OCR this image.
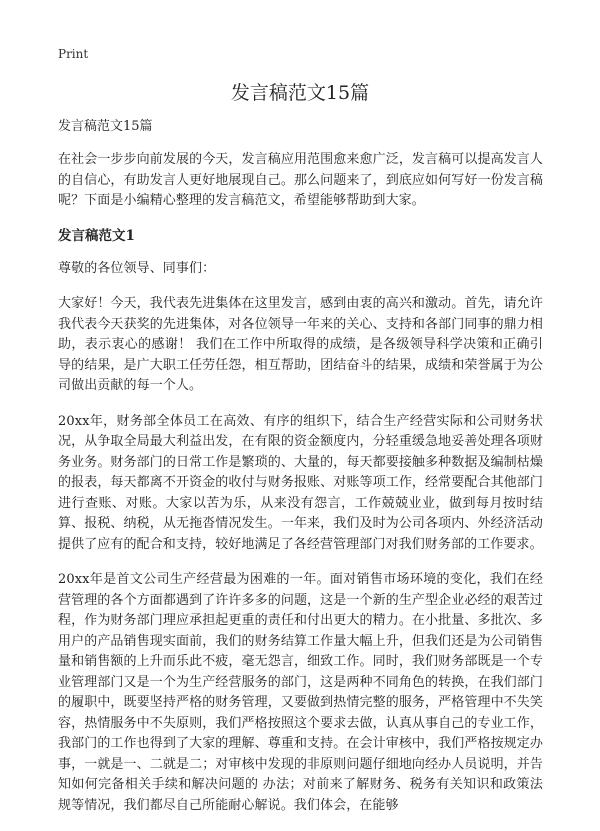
Print
发言稿范文15篇
发言稿范文15篇

在社会一步步向前发展的今天，发言稿应用范围愈来愈广泛，发言稿可以提高发言人的自信心，有助发言人更好地展现自己。那么问题来了，到底应如何写好一份发言稿呢？下面是小编精心整理的发言稿范文，希望能够帮助到大家。

发言稿范文1

尊敬的各位领导、同事们：

大家好！今天，我代表先进集体在这里发言，感到由衷的高兴和激动。首先，请允许我代表今天获奖的先进集体，对各位领导一年来的关心、支持和各部门同事的鼎力相助，表示衷心的感谢！ 我们在工作中所取得的成绩，是各级领导科学决策和正确引导的结果，是广大职工任劳任怨，相互帮助，团结奋斗的结果，成绩和荣誉属于为公司做出贡献的每一个人。

20xx年，财务部全体员工在高效、有序的组织下，结合生产经营实际和公司财务状况，从争取全局最大利益出发，在有限的资金额度内，分轻重缓急地妥善处理各项财务业务。财务部门的日常工作是繁琐的、大量的，每天都要接触多种数据及编制枯燥的报表，每天都离不开资金的收付与财务报账、对账等项工作，经常要配合其他部门进行查账、对账。大家以苦为乐，从来没有怨言，工作兢兢业业，做到每月按时结算、报税、纳税，从无拖沓情况发生。一年来，我们及时为公司各项内、外经济活动提供了应有的配合和支持，较好地满足了各经营管理部门对我们财务部的工作要求。

20xx年是首文公司生产经营最为困难的一年。面对销售市场环境的变化，我们在经营管理的各个方面都遇到了许许多多的问题，这是一个新的生产型企业必经的艰苦过程，作为财务部门理应承担起更重的责任和付出更大的精力。在小批量、多批次、多用户的产品销售现实面前，我们的财务结算工作量大幅上升，但我们还是为公司销售量和销售额的上升而乐此不疲，毫无怨言，细致工作。同时，我们财务部既是一个专业管理部门又是一个为生产经营服务的部门，这是两种不同角色的转换，在我们部门的履职中，既要坚持严格的财务管理，又要做到热情完整的服务，严格管理中不失笑容，热情服务中不失原则，我们严格按照这个要求去做，认真从事自己的专业工作，我部门的工作也得到了大家的理解、尊重和支持。在会计审核中，我们严格按规定办事，一就是一、二就是二；对审核中发现的非原则问题仔细地向经办人员说明，并告知如何完备相关手续和解决问题的 办法；对前来了解财务、税务有关知识和政策法规等情况，我们都尽自己所能耐心解说。我们体会，在能够
